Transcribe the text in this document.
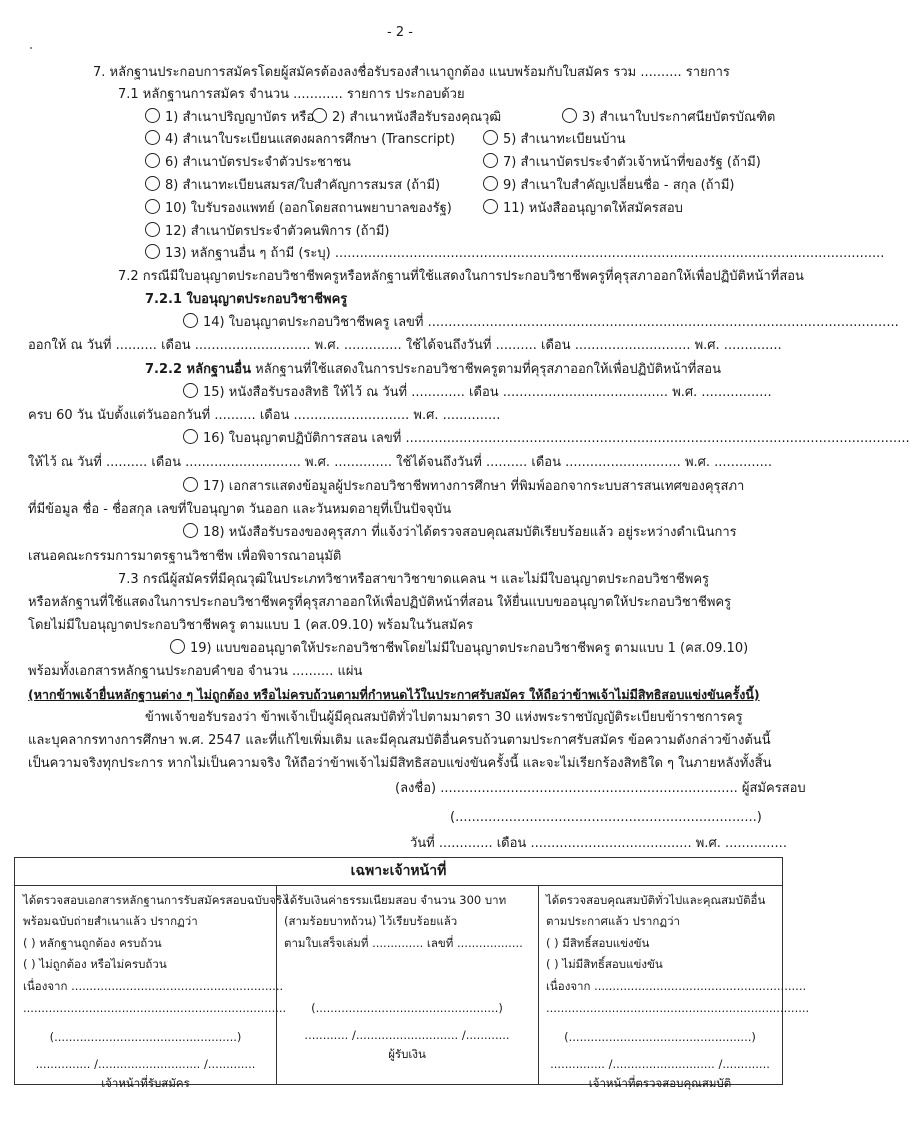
- 2 -
7. หลักฐานประกอบการสมัครโดยผู้สมัครต้องลงชื่อรับรองสำเนาถูกต้อง แนบพร้อมกับใบสมัคร รวม .......... รายการ
7.1 หลักฐานการสมัคร จำนวน ............ รายการ ประกอบด้วย
1) สำเนาปริญญาบัตร หรือ	2) สำเนาหนังสือรับรองคุณวุฒิ	3) สำเนาใบประกาศนียบัตรบัณฑิต
4) สำเนาใบระเบียนแสดงผลการศึกษา (Transcript)	5) สำเนาทะเบียนบ้าน
6) สำเนาบัตรประจำตัวประชาชน	7) สำเนาบัตรประจำตัวเจ้าหน้าที่ของรัฐ (ถ้ามี)
8) สำเนาทะเบียนสมรส/ใบสำคัญการสมรส (ถ้ามี)	9) สำเนาใบสำคัญเปลี่ยนชื่อ - สกุล (ถ้ามี)
10) ใบรับรองแพทย์ (ออกโดยสถานพยาบาลของรัฐ)	11) หนังสืออนุญาตให้สมัครสอบ
12) สำเนาบัตรประจำตัวคนพิการ (ถ้ามี)
13) หลักฐานอื่น ๆ ถ้ามี (ระบุ) .....................................................................................................................................
7.2 กรณีมีใบอนุญาตประกอบวิชาชีพครูหรือหลักฐานที่ใช้แสดงในการประกอบวิชาชีพครูที่คุรุสภาออกให้เพื่อปฏิบัติหน้าที่สอน
7.2.1 ใบอนุญาตประกอบวิชาชีพครู
14) ใบอนุญาตประกอบวิชาชีพครู เลขที่ ..................................................................................................................
ออกให้ ณ วันที่ .......... เดือน ............................ พ.ศ. .............. ใช้ได้จนถึงวันที่ .......... เดือน ............................ พ.ศ. ..............
7.2.2 หลักฐานอื่น หลักฐานที่ใช้แสดงในการประกอบวิชาชีพครูตามที่คุรุสภาออกให้เพื่อปฏิบัติหน้าที่สอน
15) หนังสือรับรองสิทธิ ให้ไว้ ณ วันที่ ............. เดือน ........................................ พ.ศ. .................
ครบ 60 วัน นับตั้งแต่วันออกวันที่ .......... เดือน ............................ พ.ศ. ..............
16) ใบอนุญาตปฏิบัติการสอน เลขที่ ..........................................................................................................................
ให้ไว้ ณ วันที่ .......... เดือน ............................ พ.ศ. .............. ใช้ได้จนถึงวันที่ .......... เดือน ............................ พ.ศ. ..............
17) เอกสารแสดงข้อมูลผู้ประกอบวิชาชีพทางการศึกษา ที่พิมพ์ออกจากระบบสารสนเทศของคุรุสภา
ที่มีข้อมูล ชื่อ - ชื่อสกุล เลขที่ใบอนุญาต วันออก และวันหมดอายุที่เป็นปัจจุบัน
18) หนังสือรับรองของคุรุสภา ที่แจ้งว่าได้ตรวจสอบคุณสมบัติเรียบร้อยแล้ว อยู่ระหว่างดำเนินการ
เสนอคณะกรรมการมาตรฐานวิชาชีพ เพื่อพิจารณาอนุมัติ
7.3 กรณีผู้สมัครที่มีคุณวุฒิในประเภทวิชาหรือสาขาวิชาขาดแคลน ฯ และไม่มีใบอนุญาตประกอบวิชาชีพครู
หรือหลักฐานที่ใช้แสดงในการประกอบวิชาชีพครูที่คุรุสภาออกให้เพื่อปฏิบัติหน้าที่สอน ให้ยื่นแบบขออนุญาตให้ประกอบวิชาชีพครู
โดยไม่มีใบอนุญาตประกอบวิชาชีพครู ตามแบบ 1 (คส.09.10) พร้อมในวันสมัคร
19) แบบขออนุญาตให้ประกอบวิชาชีพโดยไม่มีใบอนุญาตประกอบวิชาชีพครู ตามแบบ 1 (คส.09.10)
พร้อมทั้งเอกสารหลักฐานประกอบคำขอ จำนวน .......... แผ่น
(หากข้าพเจ้ายื่นหลักฐานต่าง ๆ ไม่ถูกต้อง หรือไม่ครบถ้วนตามที่กำหนดไว้ในประกาศรับสมัคร ให้ถือว่าข้าพเจ้าไม่มีสิทธิสอบแข่งขันครั้งนี้)
ข้าพเจ้าขอรับรองว่า ข้าพเจ้าเป็นผู้มีคุณสมบัติทั่วไปตามมาตรา 30 แห่งพระราชบัญญัติระเบียบข้าราชการครู
และบุคลากรทางการศึกษา พ.ศ. 2547 และที่แก้ไขเพิ่มเติม และมีคุณสมบัติอื่นครบถ้วนตามประกาศรับสมัคร ข้อความดังกล่าวข้างต้นนี้
เป็นความจริงทุกประการ หากไม่เป็นความจริง ให้ถือว่าข้าพเจ้าไม่มีสิทธิสอบแข่งขันครั้งนี้ และจะไม่เรียกร้องสิทธิใด ๆ ในภายหลังทั้งสิ้น
(ลงชื่อ) ........................................................................ ผู้สมัครสอบ
(.........................................................................)
วันที่ ............. เดือน ....................................... พ.ศ. ...............
เฉพาะเจ้าหน้าที่
ได้ตรวจสอบเอกสารหลักฐานการรับสมัครสอบฉบับจริง
พร้อมฉบับถ่ายสำเนาแล้ว ปรากฏว่า
( ) หลักฐานถูกต้อง ครบถ้วน
( ) ไม่ถูกต้อง หรือไม่ครบถ้วน
เนื่องจาก ..........................................................
........................................................................
(..................................................)
............... /............................ /.............
เจ้าหน้าที่รับสมัคร
ได้รับเงินค่าธรรมเนียมสอบ จำนวน 300 บาท
(สามร้อยบาทถ้วน) ไว้เรียบร้อยแล้ว
ตามใบเสร็จเล่มที่ .............. เลขที่ ..................
(..................................................)
............ /............................ /............
ผู้รับเงิน
ได้ตรวจสอบคุณสมบัติทั่วไปและคุณสมบัติอื่น
ตามประกาศแล้ว ปรากฏว่า
( ) มีสิทธิ์สอบแข่งขัน
( ) ไม่มีสิทธิ์สอบแข่งขัน
เนื่องจาก ..........................................................
........................................................................
(..................................................)
............... /............................ /.............
เจ้าหน้าที่ตรวจสอบคุณสมบัติ
